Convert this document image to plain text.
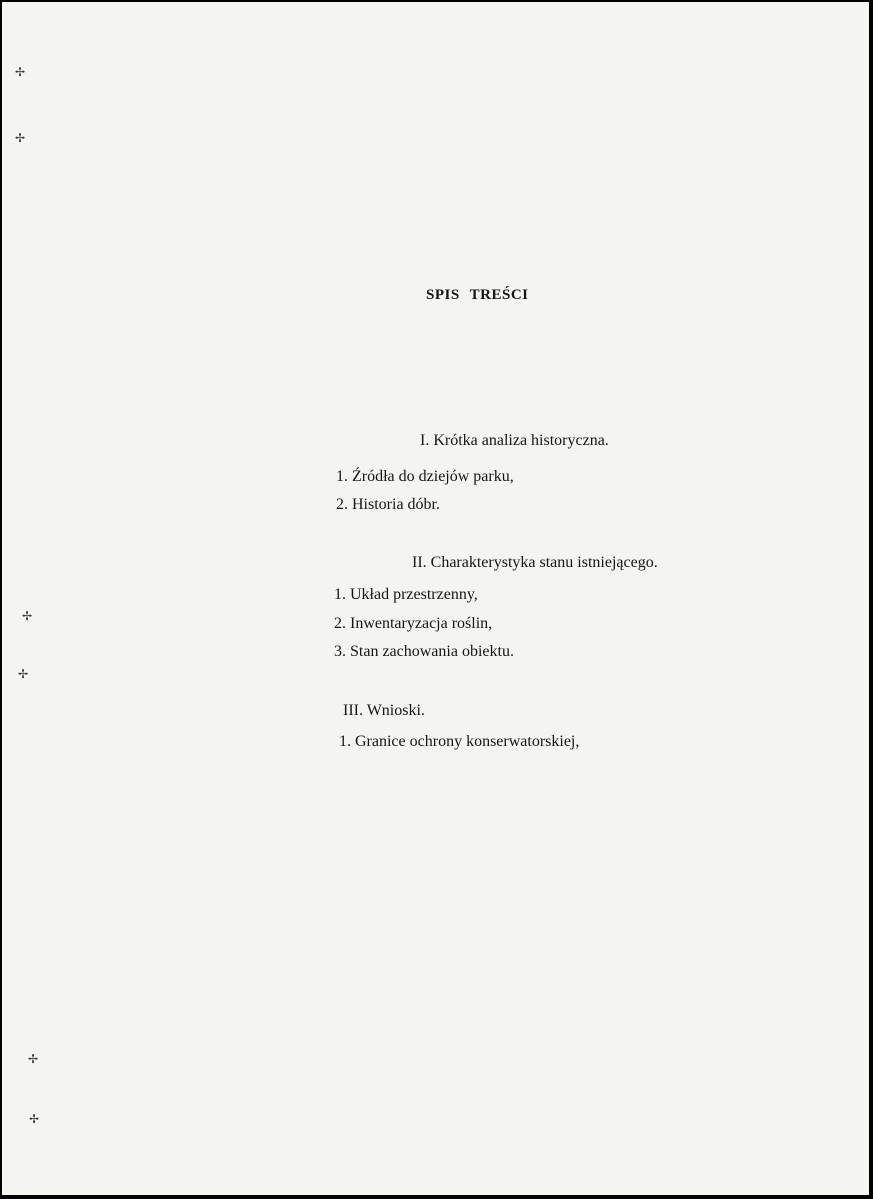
✢
✢
✢
✢
✢
✢
SPIS TREŚCI
I. Krótka analiza historyczna.
1. Źródła do dziejów parku,
2. Historia dóbr.
II. Charakterystyka stanu istniejącego.
1. Układ przestrzenny,
2. Inwentaryzacja roślin,
3. Stan zachowania obiektu.
III. Wnioski.
1. Granice ochrony konserwatorskiej,
